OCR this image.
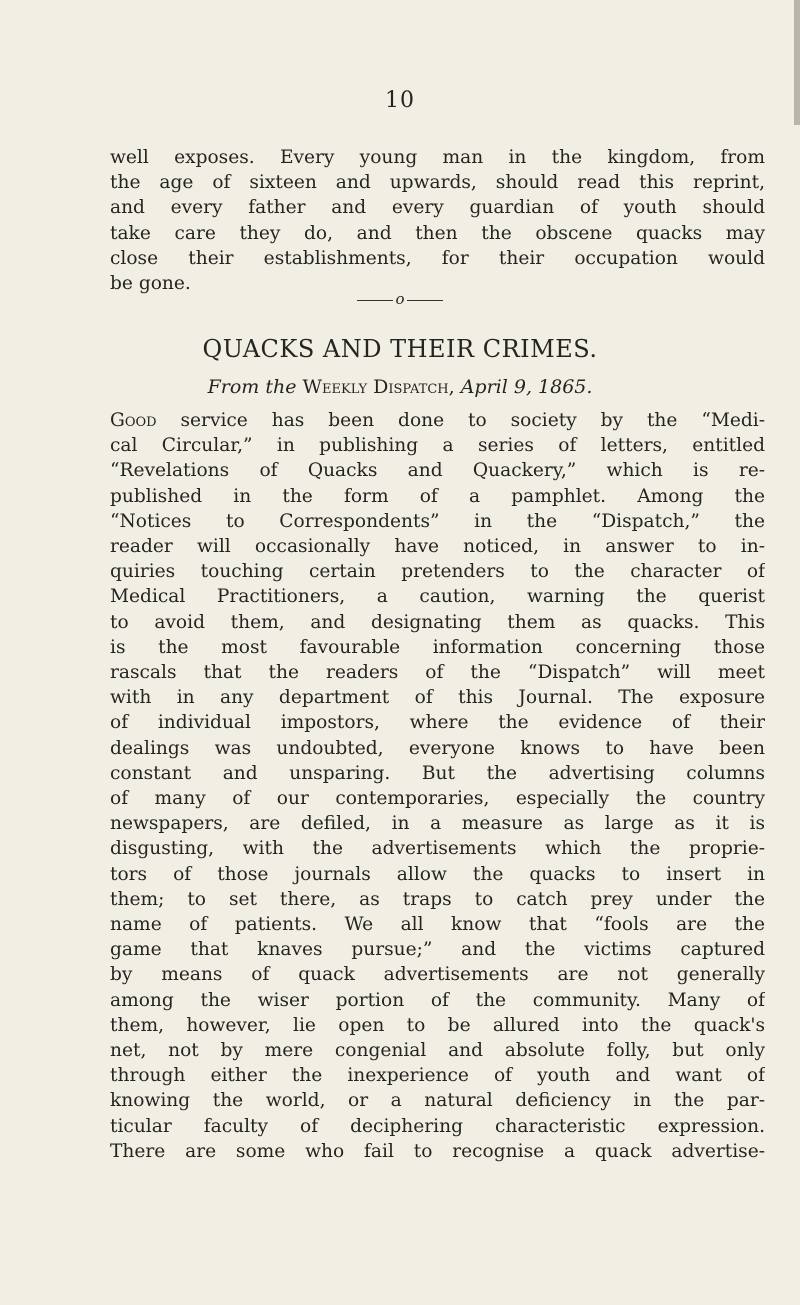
10
well exposes. Every young man in the kingdom, from
the age of sixteen and upwards, should read this reprint,
and every father and every guardian of youth should
take care they do, and then the obscene quacks may
close their establishments, for their occupation would
be gone.
o
QUACKS AND THEIR CRIMES.
From the Weekly Dispatch, April 9, 1865.
Good service has been done to society by the “Medi-
cal Circular,” in publishing a series of letters, entitled
“Revelations of Quacks and Quackery,” which is re-
published in the form of a pamphlet. Among the
“Notices to Correspondents” in the “Dispatch,” the
reader will occasionally have noticed, in answer to in-
quiries touching certain pretenders to the character of
Medical Practitioners, a caution, warning the querist
to avoid them, and designating them as quacks. This
is the most favourable information concerning those
rascals that the readers of the “Dispatch” will meet
with in any department of this Journal. The exposure
of individual impostors, where the evidence of their
dealings was undoubted, everyone knows to have been
constant and unsparing. But the advertising columns
of many of our contemporaries, especially the country
newspapers, are defiled, in a measure as large as it is
disgusting, with the advertisements which the proprie-
tors of those journals allow the quacks to insert in
them; to set there, as traps to catch prey under the
name of patients. We all know that “fools are the
game that knaves pursue;” and the victims captured
by means of quack advertisements are not generally
among the wiser portion of the community. Many of
them, however, lie open to be allured into the quack's
net, not by mere congenial and absolute folly, but only
through either the inexperience of youth and want of
knowing the world, or a natural deficiency in the par-
ticular faculty of deciphering characteristic expression.
There are some who fail to recognise a quack advertise-
